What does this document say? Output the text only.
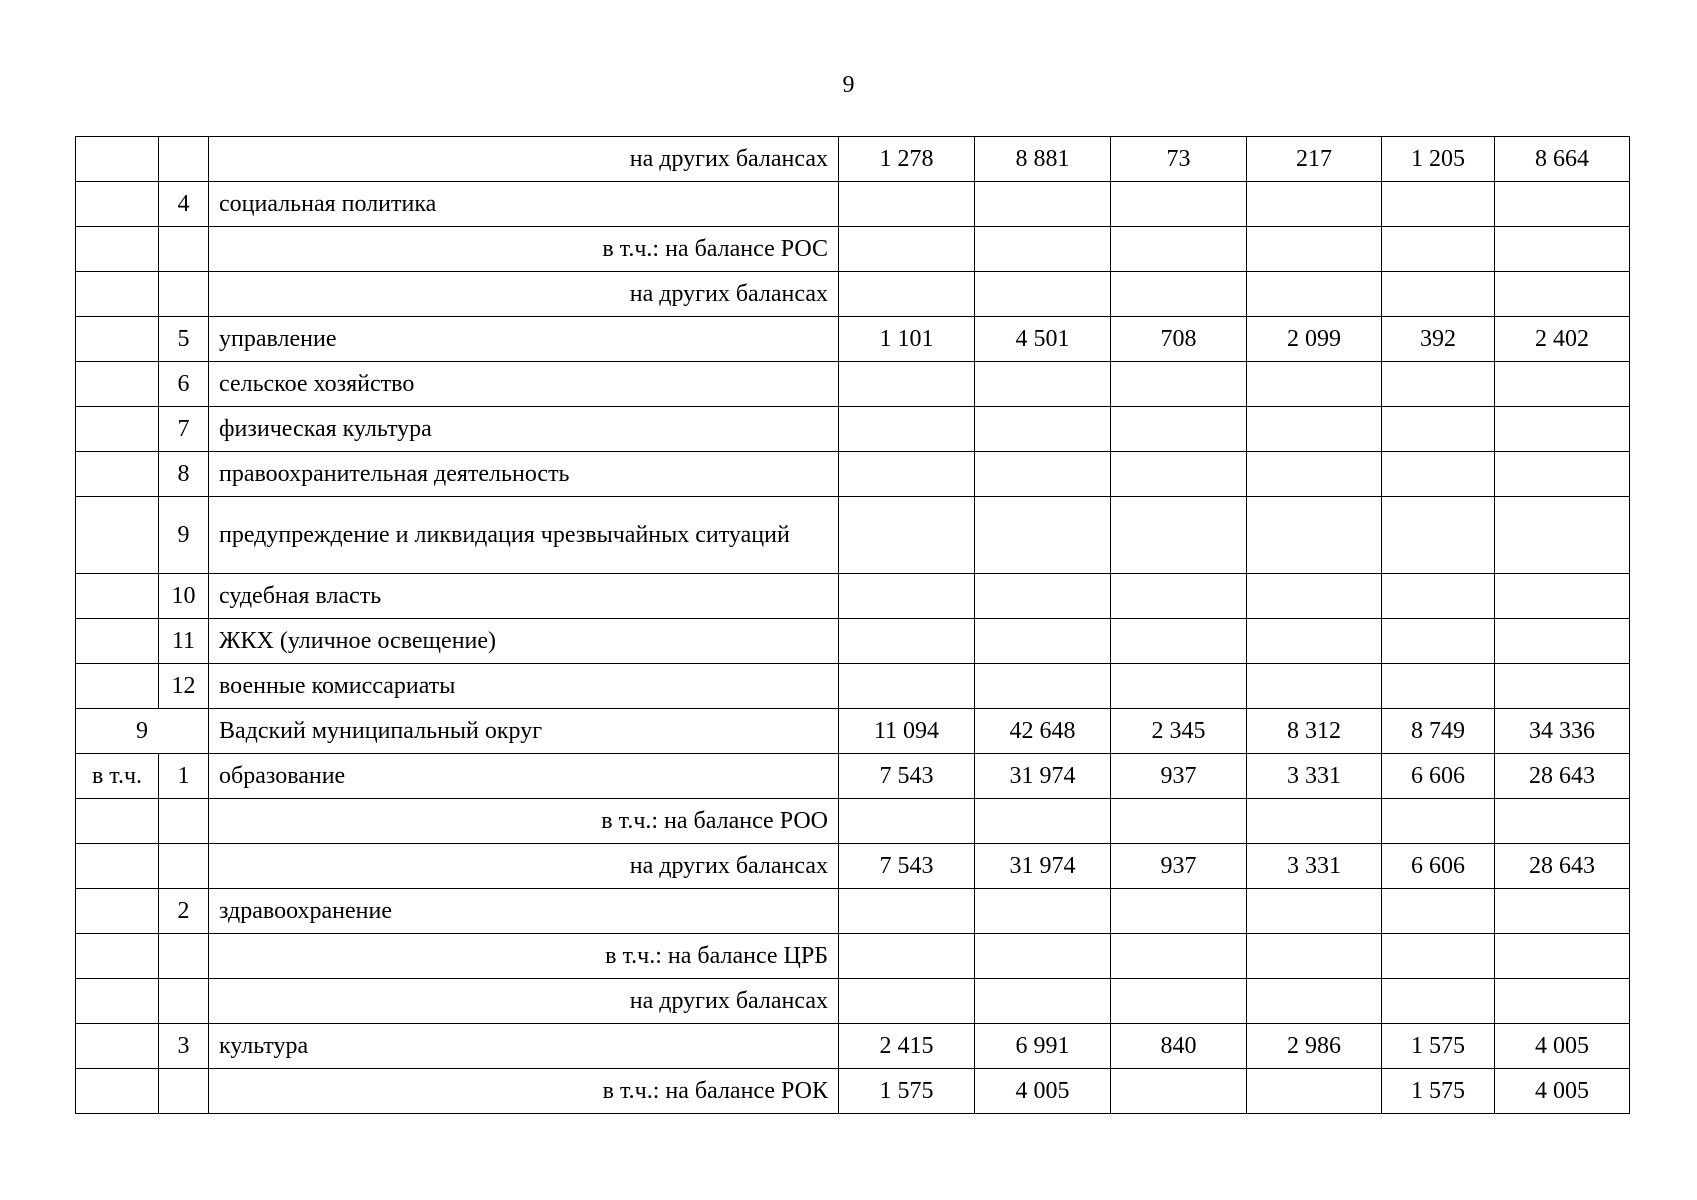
9
		на других балансах	1 278	8 881	73	217	1 205	8 664
	4	социальная политика						
		в т.ч.: на балансе РОС						
		на других балансах						
	5	управление	1 101	4 501	708	2 099	392	2 402
	6	сельское хозяйство						
	7	физическая культура						
	8	правоохранительная деятельность						
	9	предупреждение и ликвидация чрезвычайных ситуаций						
	10	судебная власть						
	11	ЖКХ (уличное освещение)						
	12	военные комиссариаты						
9		Вадский муниципальный округ	11 094	42 648	2 345	8 312	8 749	34 336
в т.ч.	1	образование	7 543	31 974	937	3 331	6 606	28 643
		в т.ч.: на балансе РОО						
		на других балансах	7 543	31 974	937	3 331	6 606	28 643
	2	здравоохранение						
		в т.ч.: на балансе ЦРБ						
		на других балансах						
	3	культура	2 415	6 991	840	2 986	1 575	4 005
		в т.ч.: на балансе РОК	1 575	4 005			1 575	4 005
